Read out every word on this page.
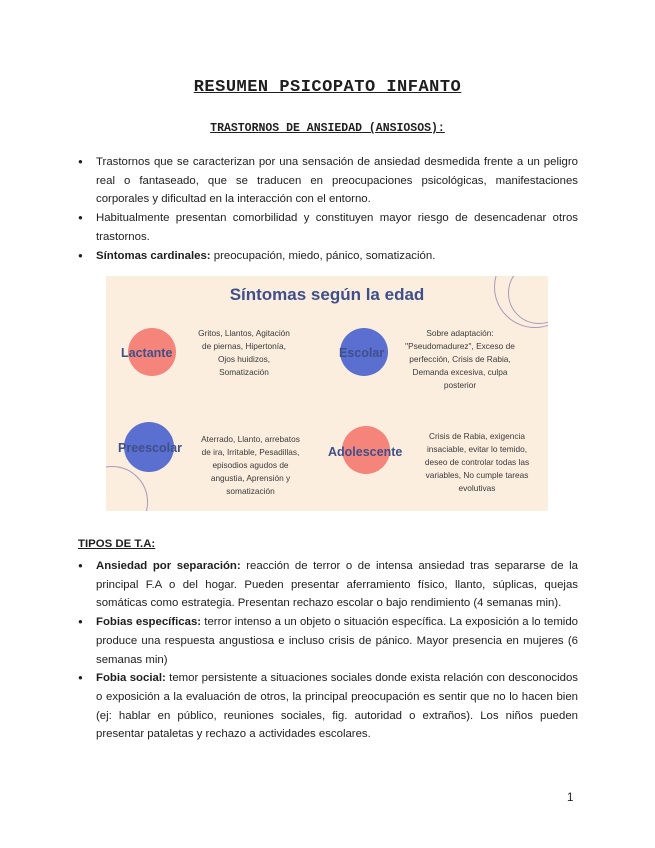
RESUMEN PSICOPATO INFANTO
TRASTORNOS DE ANSIEDAD (ANSIOSOS):
● Trastornos que se caracterizan por una sensación de ansiedad desmedida frente a un peligro real o fantaseado, que se traducen en preocupaciones psicológicas, manifestaciones corporales y dificultad en la interacción con el entorno.
● Habitualmente presentan comorbilidad y constituyen mayor riesgo de desencadenar otros trastornos.
● Síntomas cardinales: preocupación, miedo, pánico, somatización.
Síntomas según la edad
Lactante
Gritos, Llantos, Agitación
de piernas, Hipertonía,
Ojos huidizos,
Somatización
Escolar
Sobre adaptación:
"Pseudomadurez", Exceso de
perfección, Crisis de Rabia,
Demanda excesiva, culpa
posterior
Preescolar
Aterrado, Llanto, arrebatos
de ira, Irritable, Pesadillas,
episodios agudos de
angustia, Aprensión y
somatización
Adolescente
Crisis de Rabia, exigencia
insaciable, evitar lo temido,
deseo de controlar todas las
variables, No cumple tareas
evolutivas
TIPOS DE T.A:
● Ansiedad por separación: reacción de terror o de intensa ansiedad tras separarse de la principal F.A o del hogar. Pueden presentar aferramiento físico, llanto, súplicas, quejas somáticas como estrategia. Presentan rechazo escolar o bajo rendimiento (4 semanas min).
● Fobias específicas: terror intenso a un objeto o situación específica. La exposición a lo temido produce una respuesta angustiosa e incluso crisis de pánico. Mayor presencia en mujeres (6 semanas min)
● Fobia social: temor persistente a situaciones sociales donde exista relación con desconocidos o exposición a la evaluación de otros, la principal preocupación es sentir que no lo hacen bien (ej: hablar en público, reuniones sociales, fig. autoridad o extraños). Los niños pueden presentar pataletas y rechazo a actividades escolares.
1
